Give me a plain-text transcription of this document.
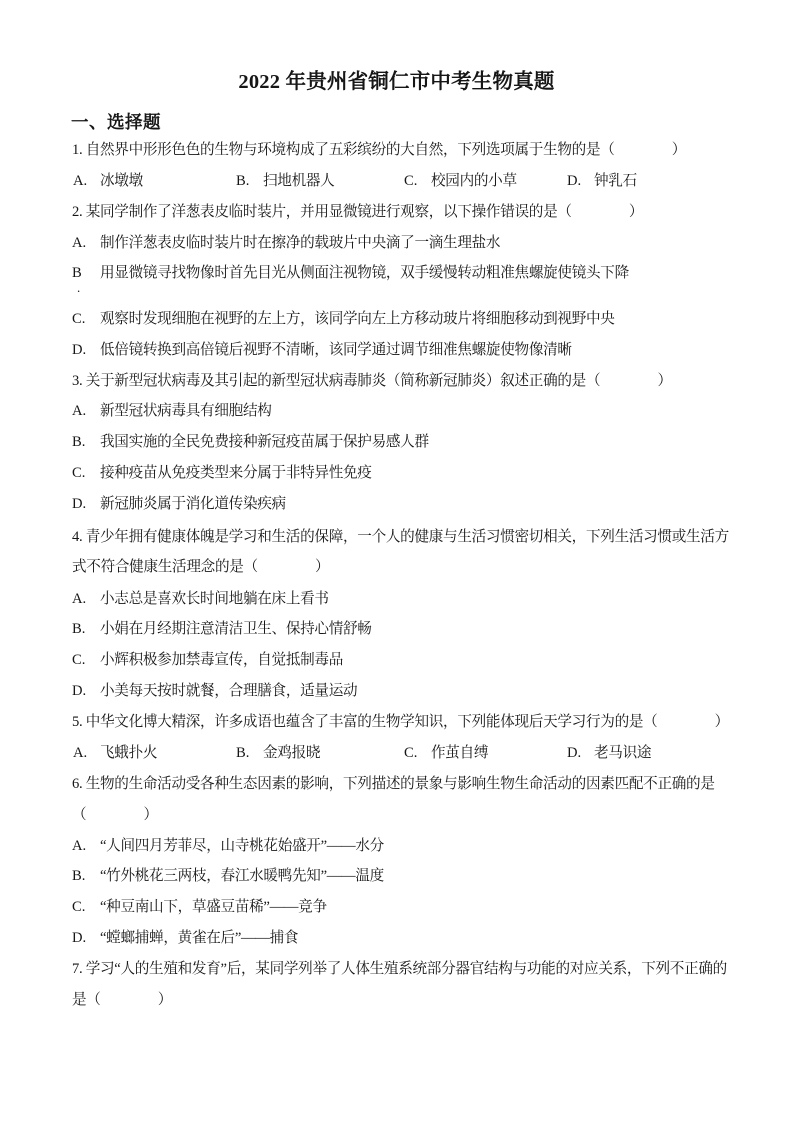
2022 年贵州省铜仁市中考生物真题
一、选择题
1. 自然界中形形色色的生物与环境构成了五彩缤纷的大自然，下列选项属于生物的是（　　　　）

A. 冰墩墩

	B. 扫地机器人

	C. 校园内的小草

	D. 钟乳石

2. 某同学制作了洋葱表皮临时装片，并用显微镜进行观察，以下操作错误的是（　　　　）
A. 制作洋葱表皮临时装片时在擦净的载玻片中央滴了一滴生理盐水
B 用显微镜寻找物像时首先目光从侧面注视物镜，双手缓慢转动粗准焦螺旋使镜头下降
.
C. 观察时发现细胞在视野的左上方，该同学向左上方移动玻片将细胞移动到视野中央
D. 低倍镜转换到高倍镜后视野不清晰，该同学通过调节细准焦螺旋使物像清晰
3. 关于新型冠状病毒及其引起的新型冠状病毒肺炎（简称新冠肺炎）叙述正确的是（　　　　）
A. 新型冠状病毒具有细胞结构
B. 我国实施的全民免费接种新冠疫苗属于保护易感人群
C. 接种疫苗从免疫类型来分属于非特异性免疫
D. 新冠肺炎属于消化道传染疾病
4. 青少年拥有健康体魄是学习和生活的保障，一个人的健康与生活习惯密切相关，下列生活习惯或生活方
式不符合健康生活理念的是（　　　　）
A. 小志总是喜欢长时间地躺在床上看书
B. 小娟在月经期注意清洁卫生、保持心情舒畅
C. 小辉积极参加禁毒宣传，自觉抵制毒品
D. 小美每天按时就餐，合理膳食，适量运动
5. 中华文化博大精深，许多成语也蕴含了丰富的生物学知识，下列能体现后天学习行为的是（　　　　）

A. 飞蛾扑火

	B. 金鸡报晓

	C. 作茧自缚

	D. 老马识途

6. 生物的生命活动受各种生态因素的影响，下列描述的景象与影响生物生命活动的因素匹配不正确的是
（　　　　）
A. “人间四月芳菲尽，山寺桃花始盛开”——水分
B. “竹外桃花三两枝，春江水暖鸭先知”——温度
C. “种豆南山下，草盛豆苗稀”——竞争
D. “螳螂捕蝉，黄雀在后”——捕食
7. 学习“人的生殖和发育”后，某同学列举了人体生殖系统部分器官结构与功能的对应关系，下列不正确的
是（　　　　）
